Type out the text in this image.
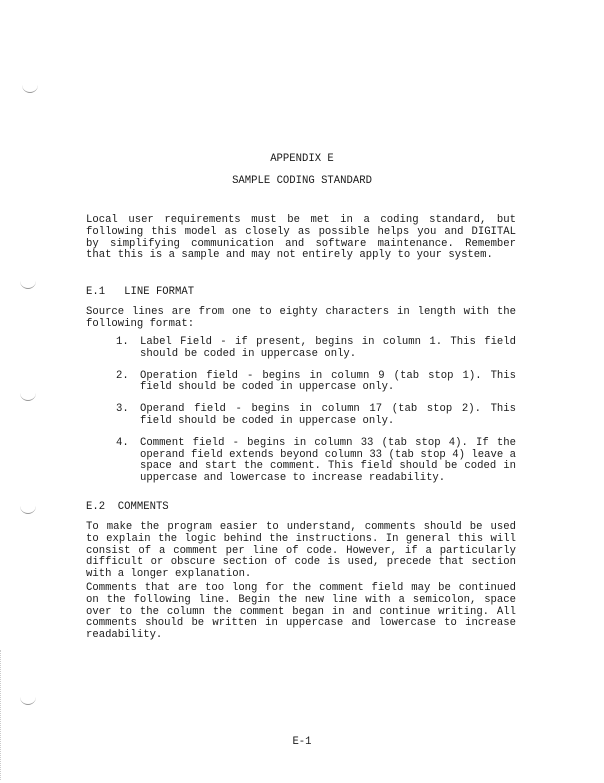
APPENDIX E
SAMPLE CODING STANDARD

Local user requirements must be met in a coding standard, but following this model as closely as possible helps you and DIGITAL by simplifying communication and software maintenance. Remember that this is a sample and may not entirely apply to your system.

E.1 LINE FORMAT

Source lines are from one to eighty characters in length with the following format:

1. Label Field - if present, begins in column 1. This field should be coded in uppercase only.
2. Operation field - begins in column 9 (tab stop 1). This field should be coded in uppercase only.
3. Operand field - begins in column 17 (tab stop 2). This field should be coded in uppercase only.
4. Comment field - begins in column 33 (tab stop 4). If the operand field extends beyond column 33 (tab stop 4) leave a space and start the comment. This field should be coded in uppercase and lowercase to increase readability.
E.2 COMMENTS

To make the program easier to understand, comments should be used to explain the logic behind the instructions. In general this will consist of a comment per line of code. However, if a particularly difficult or obscure section of code is used, precede that section with a longer explanation.

Comments that are too long for the comment field may be continued on the following line. Begin the new line with a semicolon, space over to the column the comment began in and continue writing. All comments should be written in uppercase and lowercase to increase readability.

E-1
